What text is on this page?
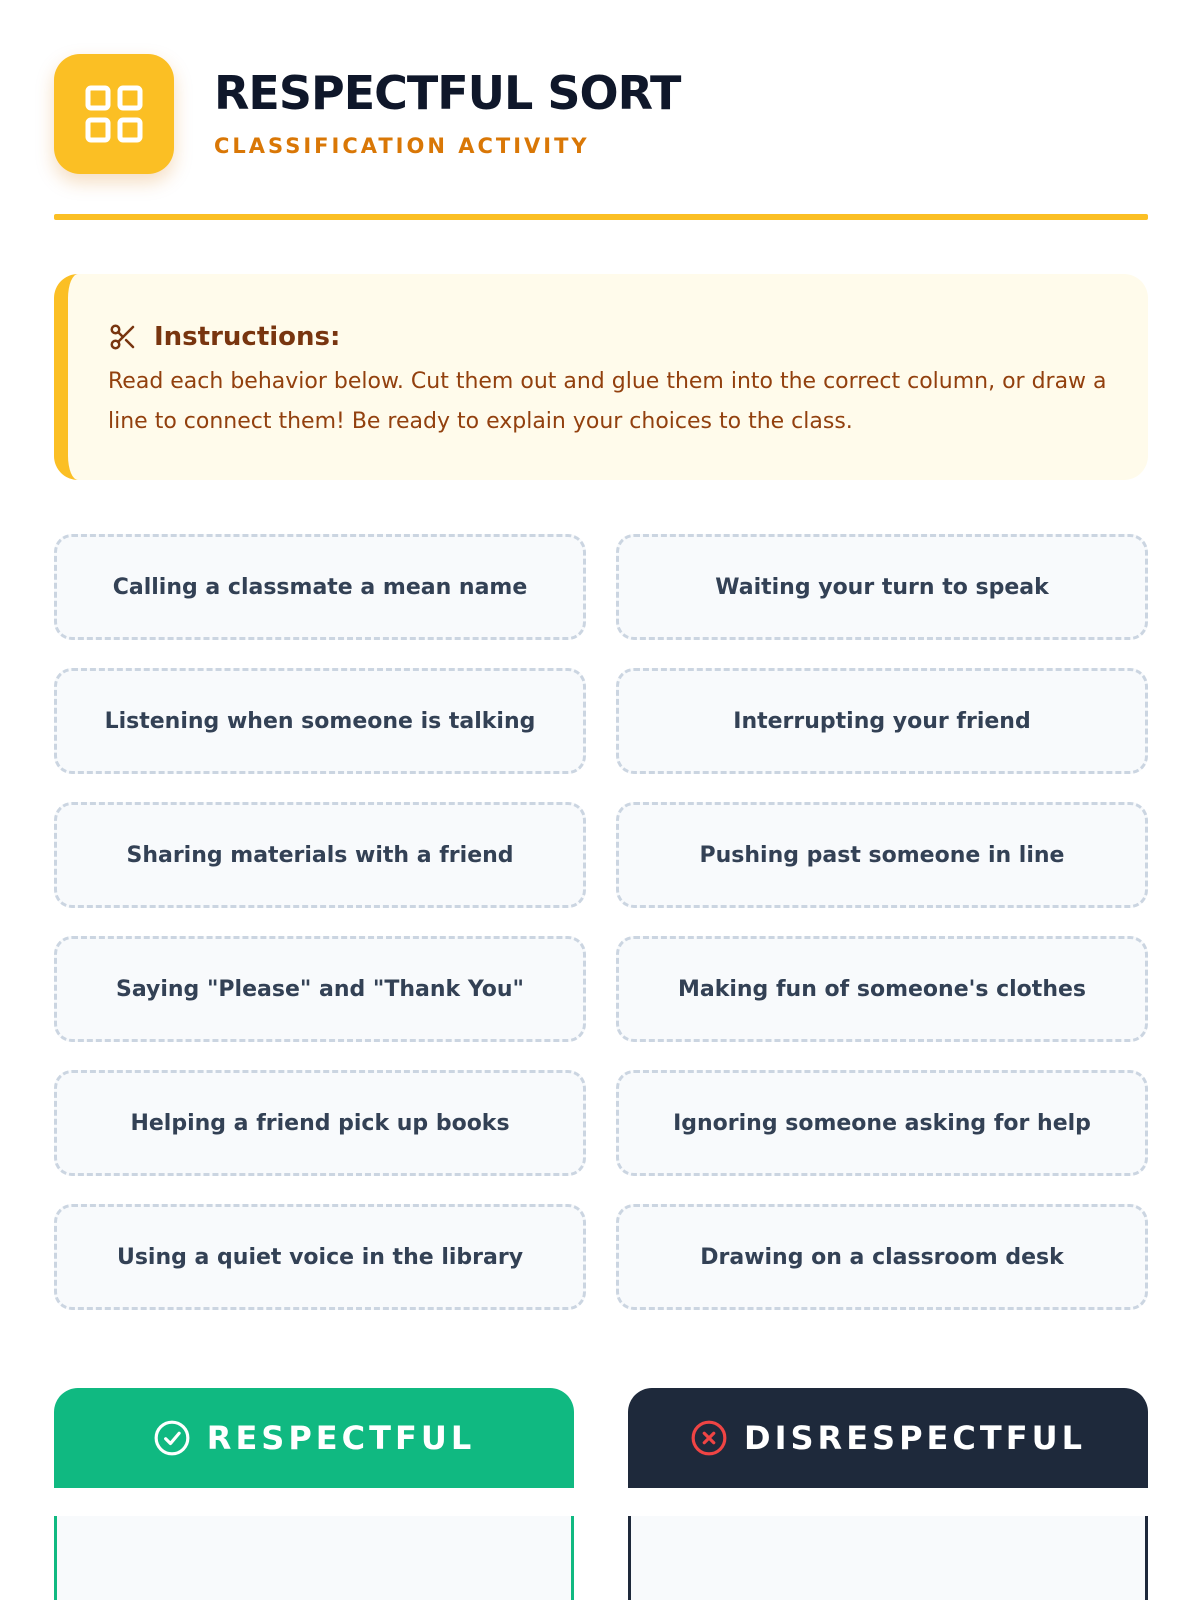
RESPECTFUL SORT
CLASSIFICATION ACTIVITY
Instructions:
Read each behavior below. Cut them out and glue them into the correct column, or draw a line to connect them! Be ready to explain your choices to the class.
Calling a classmate a mean name	Waiting your turn to speak
Listening when someone is talking	Interrupting your friend
Sharing materials with a friend	Pushing past someone in line
Saying "Please" and "Thank You"	Making fun of someone's clothes
Helping a friend pick up books	Ignoring someone asking for help
Using a quiet voice in the library	Drawing on a classroom desk
RESPECTFUL	DISRESPECTFUL
